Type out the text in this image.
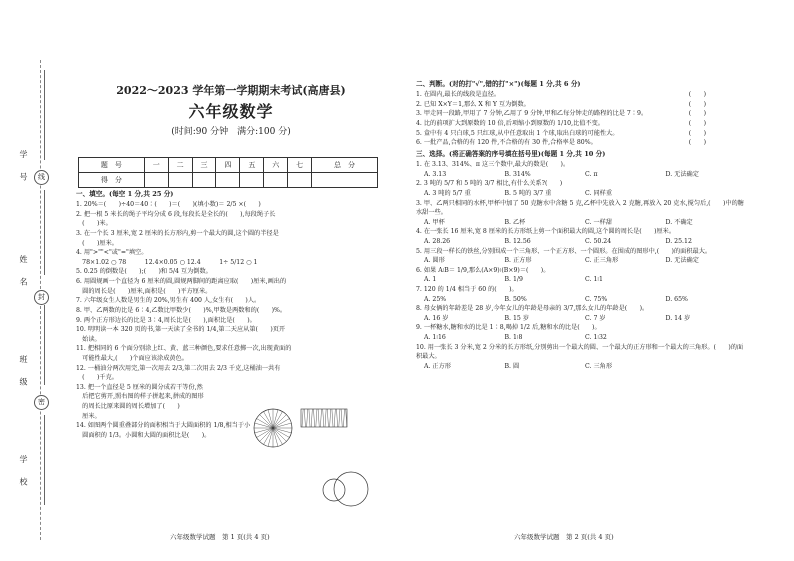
学 号	线
姓 名
封
班 级
密
学 校
2022～2023 学年第一学期期末考试(高唐县)
六年级数学
(时间:90 分钟　满分:100 分)
题　号	一	二	三	四	五	六	七	总　分
得　分								
一、填空。(每空 1 分,共 25 分)
1. 20%＝(　　)÷40＝40∶(　　)＝(　　)(填小数)＝ 2/5 ×(　　)
2. 把一根 5 米长的绳子平均分成 6 段,每段长是全长的(　　),每段绳子长
　(　　)米。
3. 在一个长 3 厘米,宽 2 厘米的长方形内,剪一个最大的圆,这个圆的半径是
　(　　)厘米。
4. 用">""<"或"="填空。
　78×1.02 ○ 78　　　12.4×0.05 ○ 12.4　　　1÷ 5/12 ○ 1
5. 0.25 的倒数是(　　);(　　)和 5/4 互为倒数。
6. 用圆规画一个直径为 6 厘米的圆,圆规两脚间的距离应取(　　)厘米,画出的
　圆的周长是(　　)厘米,面积是(　　)平方厘米。
7. 六年级女生人数是男生的 20%,男生有 400 人,女生有(　　)人。
8. 甲、乙两数的比是 6∶4,乙数比甲数少(　　)%,甲数是两数和的(　　)%。
9. 两个正方形边长的比是 3∶4,周长比是(　　),面积比是(　　)。
10. 明明读一本 320 页的书,第一天读了全书的 1/4,第二天应从第(　　)页开
　始读。
11. 把相同的 6 个面分别涂上红、黄、蓝三种颜色,要求任意掷一次,出现黄面的
　可能性最大,(　　)个面应该涂成黄色。
12. 一桶油分两次用完,第一次用去 2/3,第二次用去 2/3 千克,这桶油一共有
　(　　)千克。
13. 把一个直径是 5 厘米的圆分成若干等份,然
　后把它剪开,照右图的样子拼起来,拼成的图形
　的周长比原来圆的周长增加了(　　)
　厘米。
14. 如图两个圆重叠部分的面积相当于大圆面积的 1/8,相当于小
　圆面积的 1/3。小圆和大圆的面积比是(　　)。
六年级数学试题　第 1 页(共 4 页)
二、判断。(对的打"√",错的打"×")(每题 1 分,共 6 分)
1. 在圆内,最长的线段是直径。	(　　)
2. 已知 X×Y＝1,那么 X 和 Y 互为倒数。	(　　)
3. 甲走同一段路,甲用了 7 分钟,乙用了 9 分钟,甲和乙每分钟走的路程的比是 7∶9。	(　　)
4. 比的前项扩大到原数的 10 倍,后项缩小到原数的 1/10,比值不变。	(　　)
5. 盒中有 4 只白球,5 只红球,从中任意取出 1 个球,取出白球的可能性大。	(　　)
6. 一批产品,合格的有 120 件,不合格的有 30 件,合格率是 80%。	(　　)
三、选择。(将正确答案的序号填在括号里)(每题 1 分,共 10 分)
1. 在 3.13、314%、π 这三个数中,最大的数是(　　)。
A. 3.13	B. 314%	C. π	D. 无法确定
2. 3 吨的 5/7 和 5 吨的 3/7 相比,有什么关系?(　　)
A. 3 吨的 5/7 重	B. 5 吨的 3/7 重	C. 同样重
3. 甲、乙两只相同的水杯,甲杯中加了 50 克糖水中含糖 5 克,乙杯中先放入 2 克糖,再放入 20 克水,搅匀后,(　　)中的糖水甜一些。
A. 甲杯	B. 乙杯	C. 一样甜	D. 不确定
4. 在一张长 16 厘米,宽 8 厘米的长方形纸上剪一个面积最大的圆,这个圆的周长是(　　)厘米。
A. 28.26	B. 12.56	C. 50.24	D. 25.12
5. 用三段一样长的铁丝,分别围成一个三角形、一个正方形、一个圆形。在围成的图形中,(　　)的面积最大。
A. 圆形	B. 正方形	C. 正三角形	D. 无法确定
6. 如果 A∶B＝ 1/9,那么(A×9)∶(B×9)＝(　　)。
A. 1	B. 1/9	C. 1∶1
7. 120 的 1/4 相当于 60 的(　　)。
A. 25%	B. 50%	C. 75%	D. 65%
8. 母女俩的年龄差是 28 岁,今年女儿的年龄是母亲的 3/7,那么女儿的年龄是(　　)。
A. 16 岁	B. 15 岁	C. 7 岁	D. 14 岁
9. 一杯糖水,糖和水的比是 1∶8,喝掉 1/2 后,糖和水的比是(　　)。
A. 1∶16	B. 1∶8	C. 1∶32
10. 用一张长 3 分米,宽 2 分米的长方形纸,分别剪出一个最大的圆、一个最大的正方形和一个最大的三角形。(　　)的面积最大。
A. 正方形	B. 圆	C. 三角形
六年级数学试题　第 2 页(共 4 页)
